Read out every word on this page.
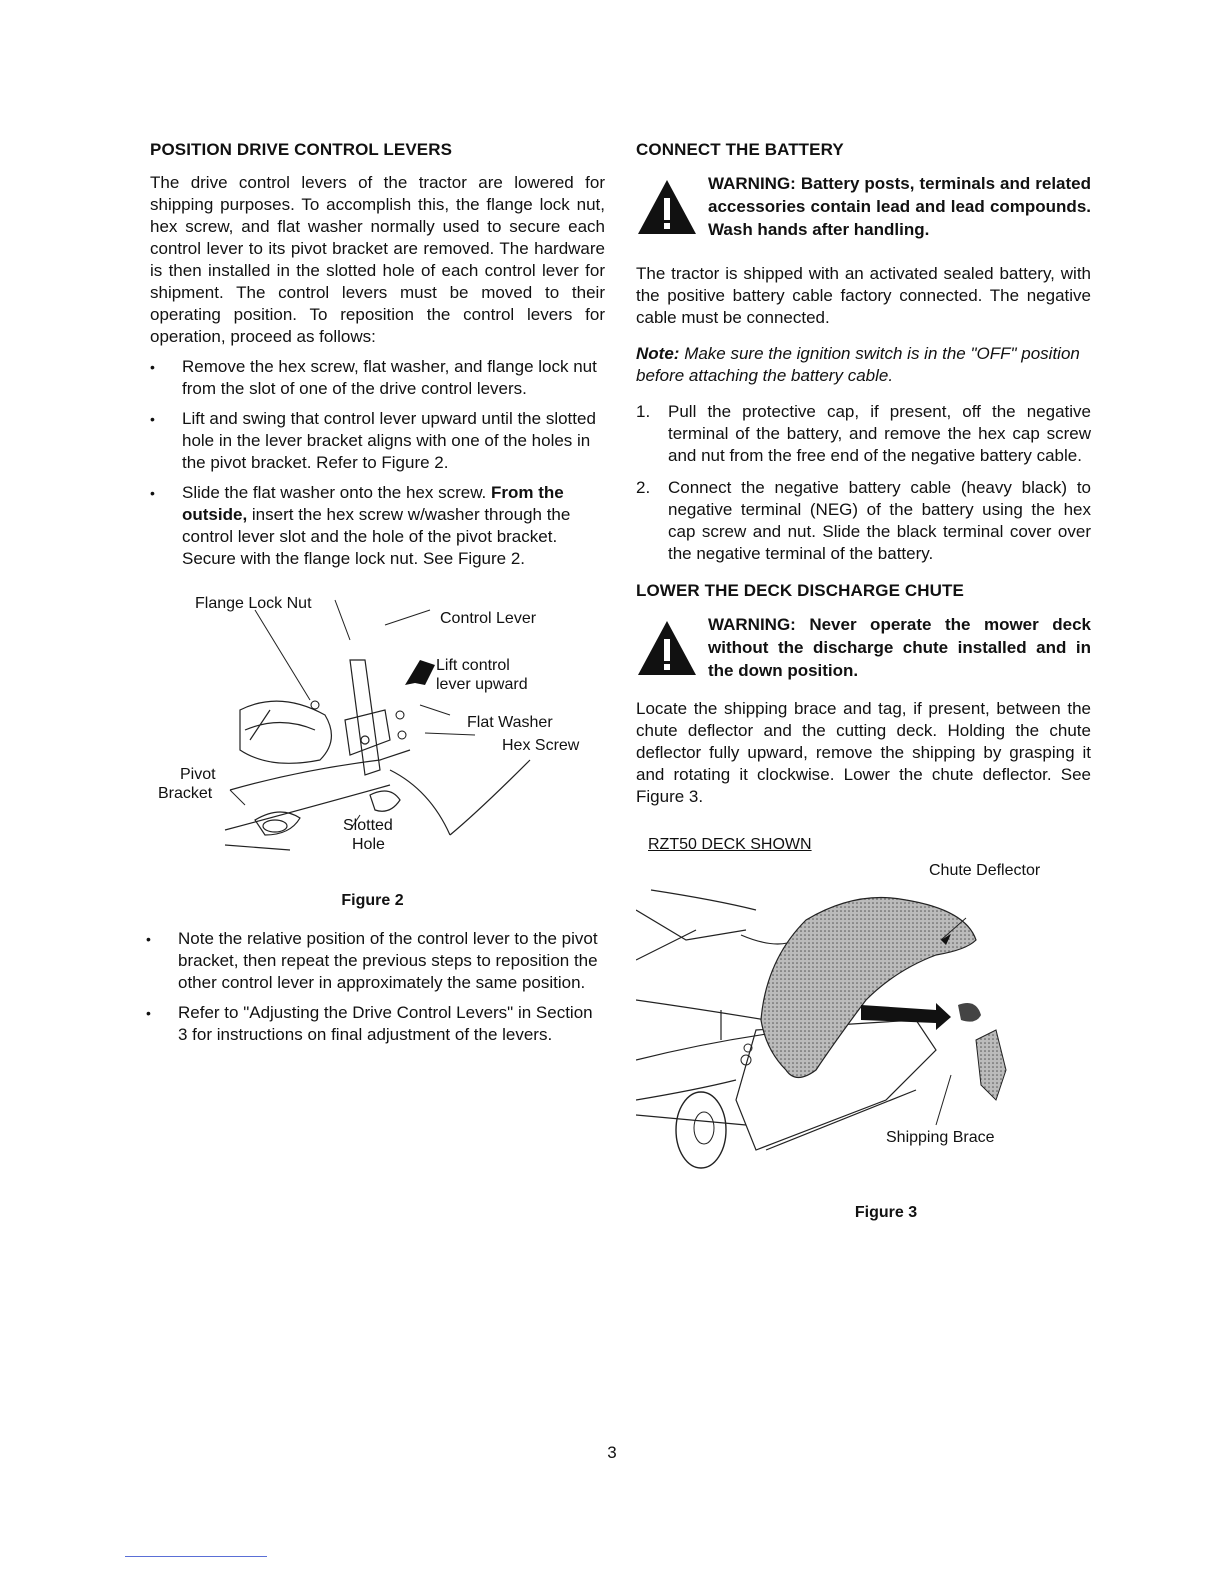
POSITION DRIVE CONTROL LEVERS

The drive control levers of the tractor are lowered for shipping purposes. To accomplish this, the flange lock nut, hex screw, and flat washer normally used to secure each control lever to its pivot bracket are removed. The hardware is then installed in the slotted hole of each control lever for shipment. The control levers must be moved to their operating position. To reposition the control levers for operation, proceed as follows:

• Remove the hex screw, flat washer, and flange lock nut from the slot of one of the drive control levers.
• Lift and swing that control lever upward until the slotted hole in the lever bracket aligns with one of the holes in the pivot bracket. Refer to Figure 2.
• Slide the flat washer onto the hex screw. From the outside, insert the hex screw w/washer through the control lever slot and the hole of the pivot bracket. Secure with the flange lock nut. See Figure 2.
Flange Lock Nut
Control Lever
Lift control
lever upward
Flat Washer
Hex Screw
Pivot
Bracket
Slotted
Hole
Figure 2
• Note the relative position of the control lever to the pivot bracket, then repeat the previous steps to reposition the other control lever in approximately the same position.
• Refer to "Adjusting the Drive Control Levers" in Section 3 for instructions on final adjustment of the levers.
CONNECT THE BATTERY
WARNING: Battery posts, terminals and related accessories contain lead and lead compounds. Wash hands after handling.

The tractor is shipped with an activated sealed battery, with the positive battery cable factory connected. The negative cable must be connected.

Note: Make sure the ignition switch is in the "OFF" position before attaching the battery cable.

1. Pull the protective cap, if present, off the negative terminal of the battery, and remove the hex cap screw and nut from the free end of the negative battery cable.
2. Connect the negative battery cable (heavy black) to negative terminal (NEG) of the battery using the hex cap screw and nut. Slide the black terminal cover over the negative terminal of the battery.
LOWER THE DECK DISCHARGE CHUTE
WARNING: Never operate the mower deck without the discharge chute installed and in the down position.

Locate the shipping brace and tag, if present, between the chute deflector and the cutting deck. Holding the chute deflector fully upward, remove the shipping by grasping it and rotating it clockwise. Lower the chute deflector. See Figure 3.

RZT50 DECK SHOWN
Chute Deflector
Shipping Brace
Figure 3
3
